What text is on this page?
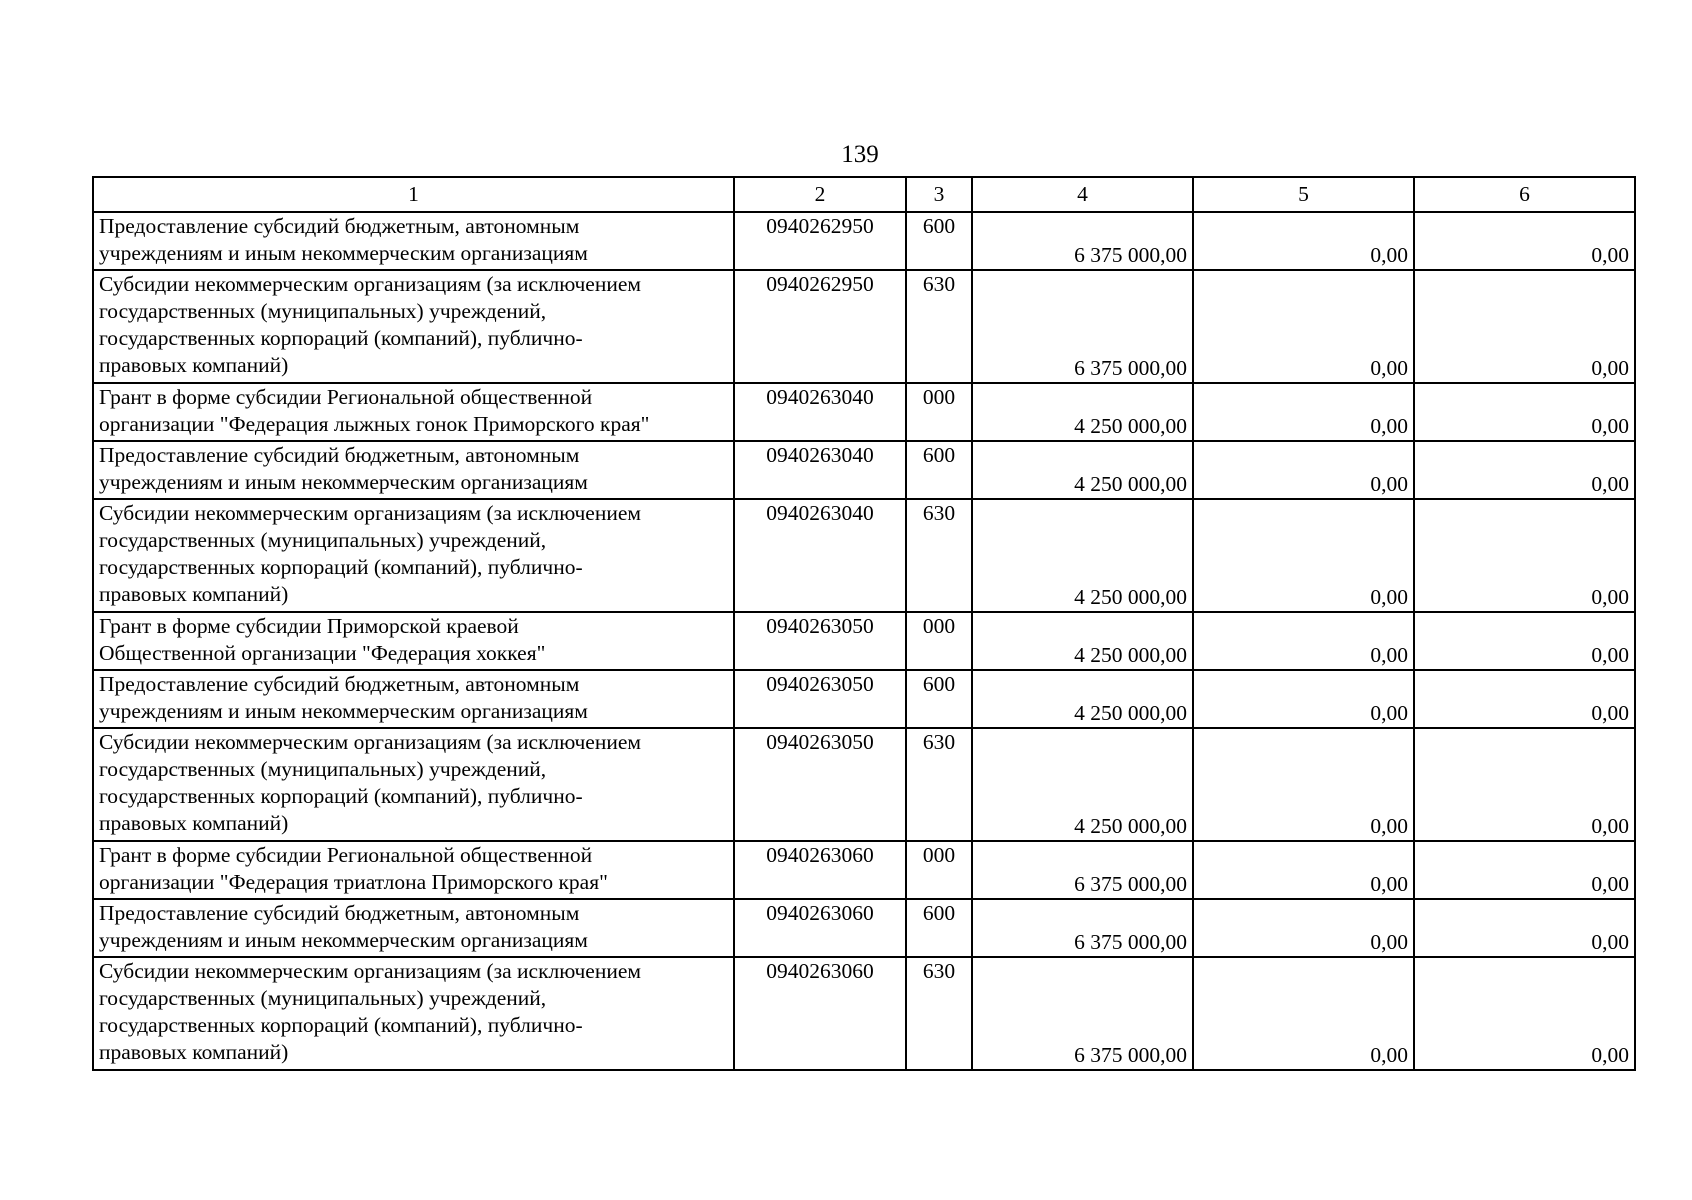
139
1	2	3	4	5	6
Предоставление субсидий бюджетным, автономным
учреждениям и иным некоммерческим организациям	0940262950	600	6 375 000,00	0,00	0,00
Субсидии некоммерческим организациям (за исключением
государственных (муниципальных) учреждений,
государственных корпораций (компаний), публично-
правовых компаний)	0940262950	630	6 375 000,00	0,00	0,00
Грант в форме субсидии Региональной общественной
организации "Федерация лыжных гонок Приморского края"	0940263040	000	4 250 000,00	0,00	0,00
Предоставление субсидий бюджетным, автономным
учреждениям и иным некоммерческим организациям	0940263040	600	4 250 000,00	0,00	0,00
Субсидии некоммерческим организациям (за исключением
государственных (муниципальных) учреждений,
государственных корпораций (компаний), публично-
правовых компаний)	0940263040	630	4 250 000,00	0,00	0,00
Грант в форме субсидии Приморской краевой
Общественной организации "Федерация хоккея"	0940263050	000	4 250 000,00	0,00	0,00
Предоставление субсидий бюджетным, автономным
учреждениям и иным некоммерческим организациям	0940263050	600	4 250 000,00	0,00	0,00
Субсидии некоммерческим организациям (за исключением
государственных (муниципальных) учреждений,
государственных корпораций (компаний), публично-
правовых компаний)	0940263050	630	4 250 000,00	0,00	0,00
Грант в форме субсидии Региональной общественной
организации "Федерация триатлона Приморского края"	0940263060	000	6 375 000,00	0,00	0,00
Предоставление субсидий бюджетным, автономным
учреждениям и иным некоммерческим организациям	0940263060	600	6 375 000,00	0,00	0,00
Субсидии некоммерческим организациям (за исключением
государственных (муниципальных) учреждений,
государственных корпораций (компаний), публично-
правовых компаний)	0940263060	630	6 375 000,00	0,00	0,00
